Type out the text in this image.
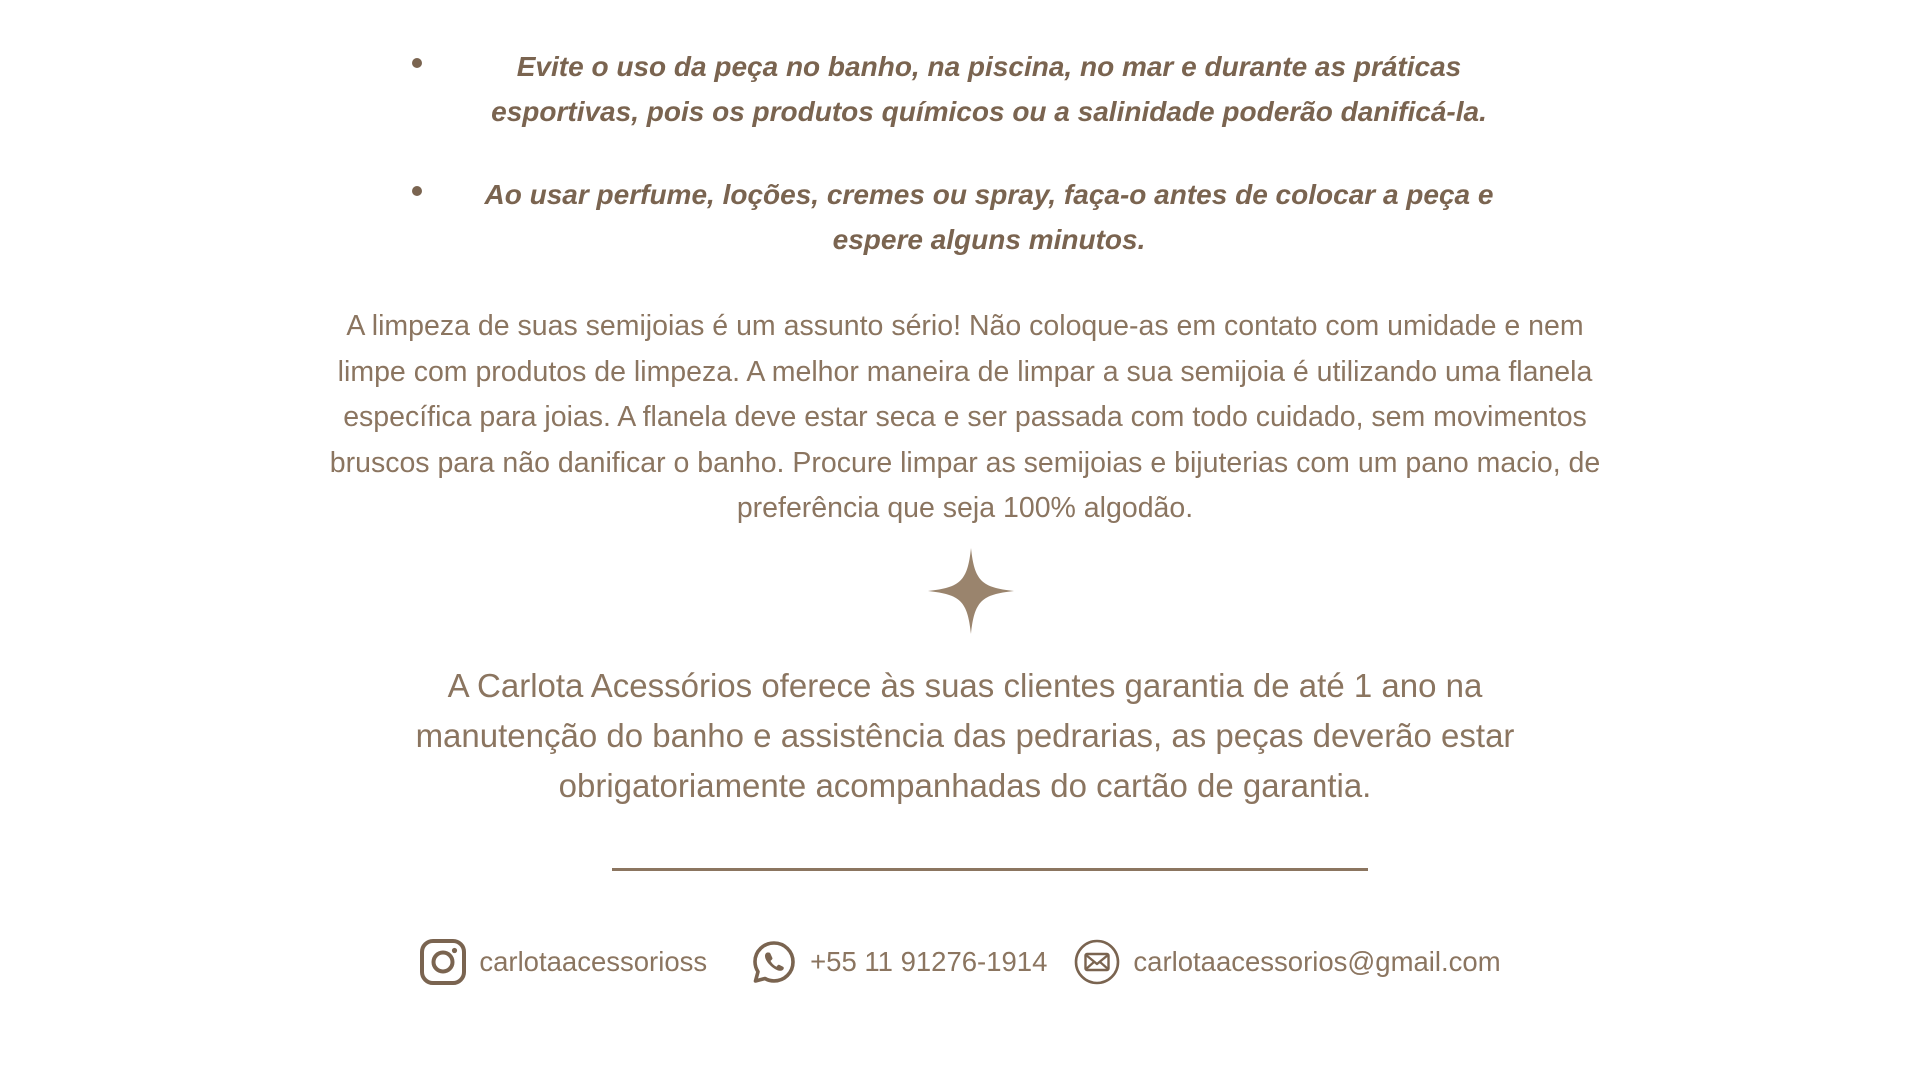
Evite o uso da peça no banho, na piscina, no mar e durante as práticas esportivas, pois os produtos químicos ou a salinidade poderão danificá-la.
Ao usar perfume, loções, cremes ou spray, faça-o antes de colocar a peça e espere alguns minutos.

A limpeza de suas semijoias é um assunto sério! Não coloque-as em contato com umidade e nem limpe com produtos de limpeza. A melhor maneira de limpar a sua semijoia é utilizando uma flanela específica para joias. A flanela deve estar seca e ser passada com todo cuidado, sem movimentos bruscos para não danificar o banho. Procure limpar as semijoias e bijuterias com um pano macio, de preferência que seja 100% algodão.

A Carlota Acessórios oferece às suas clientes garantia de até 1 ano na manutenção do banho e assistência das pedrarias, as peças deverão estar obrigatoriamente acompanhadas do cartão de garantia.

carlotaacessorioss	+55 11 91276-1914	carlotaacessorios@gmail.com
